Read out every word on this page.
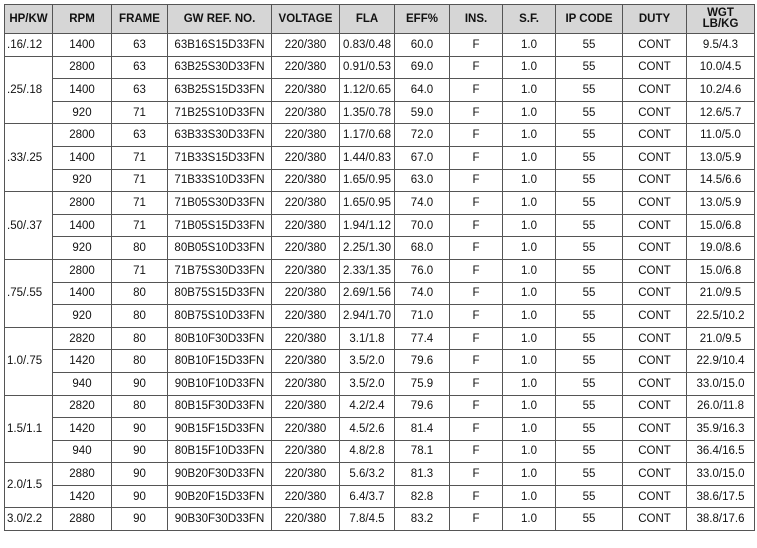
HP/KW	RPM	FRAME	GW REF. NO.	VOLTAGE	FLA	EFF%	INS.	S.F.	IP CODE	DUTY	WGT
LB/KG

.16/.12	1400	63	63B16S15D33FN	220/380	0.83/0.48	60.0	F	1.0	55	CONT	9.5/4.3
.25/.18	2800	63	63B25S30D33FN	220/380	0.91/0.53	69.0	F	1.0	55	CONT	10.0/4.5
	1400	63	63B25S15D33FN	220/380	1.12/0.65	64.0	F	1.0	55	CONT	10.2/4.6
	920	71	71B25S10D33FN	220/380	1.35/0.78	59.0	F	1.0	55	CONT	12.6/5.7
.33/.25	2800	63	63B33S30D33FN	220/380	1.17/0.68	72.0	F	1.0	55	CONT	11.0/5.0
	1400	71	71B33S15D33FN	220/380	1.44/0.83	67.0	F	1.0	55	CONT	13.0/5.9
	920	71	71B33S10D33FN	220/380	1.65/0.95	63.0	F	1.0	55	CONT	14.5/6.6
.50/.37	2800	71	71B05S30D33FN	220/380	1.65/0.95	74.0	F	1.0	55	CONT	13.0/5.9
	1400	71	71B05S15D33FN	220/380	1.94/1.12	70.0	F	1.0	55	CONT	15.0/6.8
	920	80	80B05S10D33FN	220/380	2.25/1.30	68.0	F	1.0	55	CONT	19.0/8.6
.75/.55	2800	71	71B75S30D33FN	220/380	2.33/1.35	76.0	F	1.0	55	CONT	15.0/6.8
	1400	80	80B75S15D33FN	220/380	2.69/1.56	74.0	F	1.0	55	CONT	21.0/9.5
	920	80	80B75S10D33FN	220/380	2.94/1.70	71.0	F	1.0	55	CONT	22.5/10.2
1.0/.75	2820	80	80B10F30D33FN	220/380	3.1/1.8	77.4	F	1.0	55	CONT	21.0/9.5
	1420	80	80B10F15D33FN	220/380	3.5/2.0	79.6	F	1.0	55	CONT	22.9/10.4
	940	90	90B10F10D33FN	220/380	3.5/2.0	75.9	F	1.0	55	CONT	33.0/15.0
1.5/1.1	2820	80	80B15F30D33FN	220/380	4.2/2.4	79.6	F	1.0	55	CONT	26.0/11.8
	1420	90	90B15F15D33FN	220/380	4.5/2.6	81.4	F	1.0	55	CONT	35.9/16.3
	940	90	80B15F10D33FN	220/380	4.8/2.8	78.1	F	1.0	55	CONT	36.4/16.5
2.0/1.5	2880	90	90B20F30D33FN	220/380	5.6/3.2	81.3	F	1.0	55	CONT	33.0/15.0
	1420	90	90B20F15D33FN	220/380	6.4/3.7	82.8	F	1.0	55	CONT	38.6/17.5
3.0/2.2	2880	90	90B30F30D33FN	220/380	7.8/4.5	83.2	F	1.0	55	CONT	38.8/17.6
